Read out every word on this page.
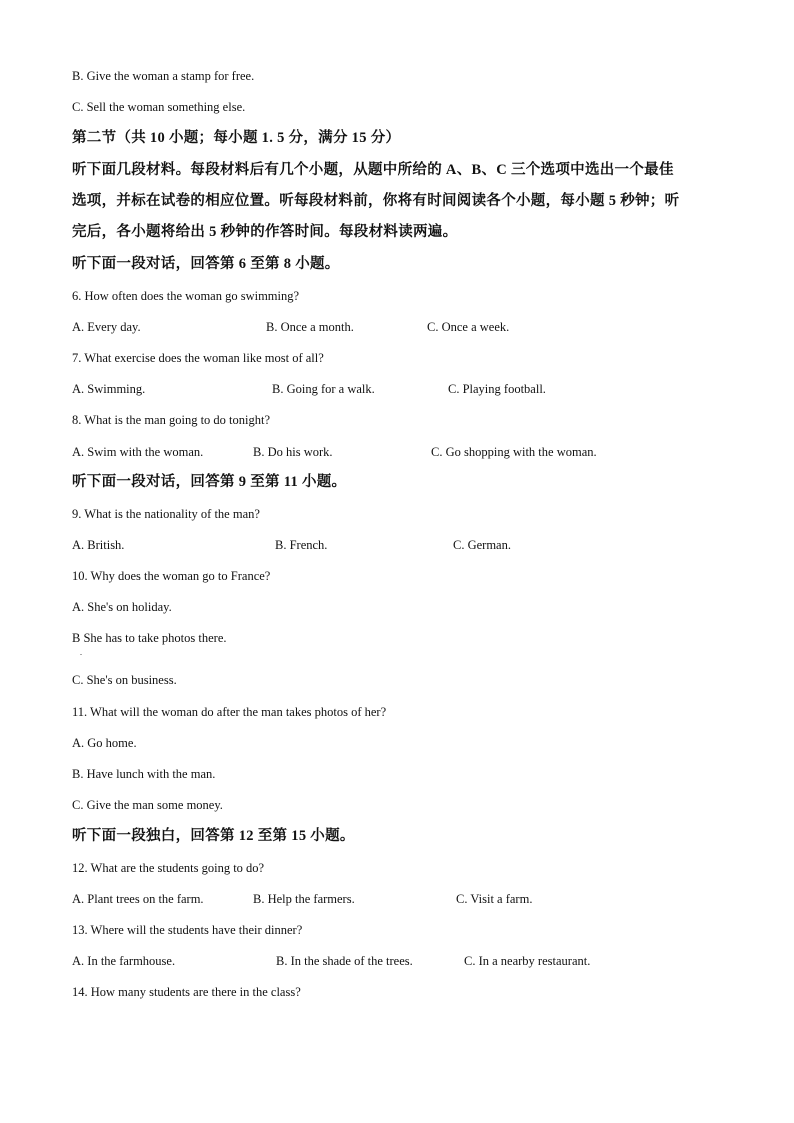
B. Give the woman a stamp for free.
C. Sell the woman something else.
第二节（共 10 小题；每小题 1. 5 分，满分 15 分）
听下面几段材料。每段材料后有几个小题，从题中所给的 A、B、C 三个选项中选出一个最佳
选项，并标在试卷的相应位置。听每段材料前，你将有时间阅读各个小题，每小题 5 秒钟；听
完后，各小题将给出 5 秒钟的作答时间。每段材料读两遍。
听下面一段对话，回答第 6 至第 8 小题。
6. How often does the woman go swimming?
A. Every day.	B. Once a month.	C. Once a week.
7. What exercise does the woman like most of all?
A. Swimming.	B. Going for a walk.	C. Playing football.
8. What is the man going to do tonight?
A. Swim with the woman.	B. Do his work.	C. Go shopping with the woman.
听下面一段对话，回答第 9 至第 11 小题。
9. What is the nationality of the man?
A. British.	B. French.	C. German.
10. Why does the woman go to France?
A. She's on holiday.
B She has to take photos there.
.
C. She's on business.
11. What will the woman do after the man takes photos of her?
A. Go home.
B. Have lunch with the man.
C. Give the man some money.
听下面一段独白，回答第 12 至第 15 小题。
12. What are the students going to do?
A. Plant trees on the farm.	B. Help the farmers.	C. Visit a farm.
13. Where will the students have their dinner?
A. In the farmhouse.	B. In the shade of the trees.	C. In a nearby restaurant.
14. How many students are there in the class?
